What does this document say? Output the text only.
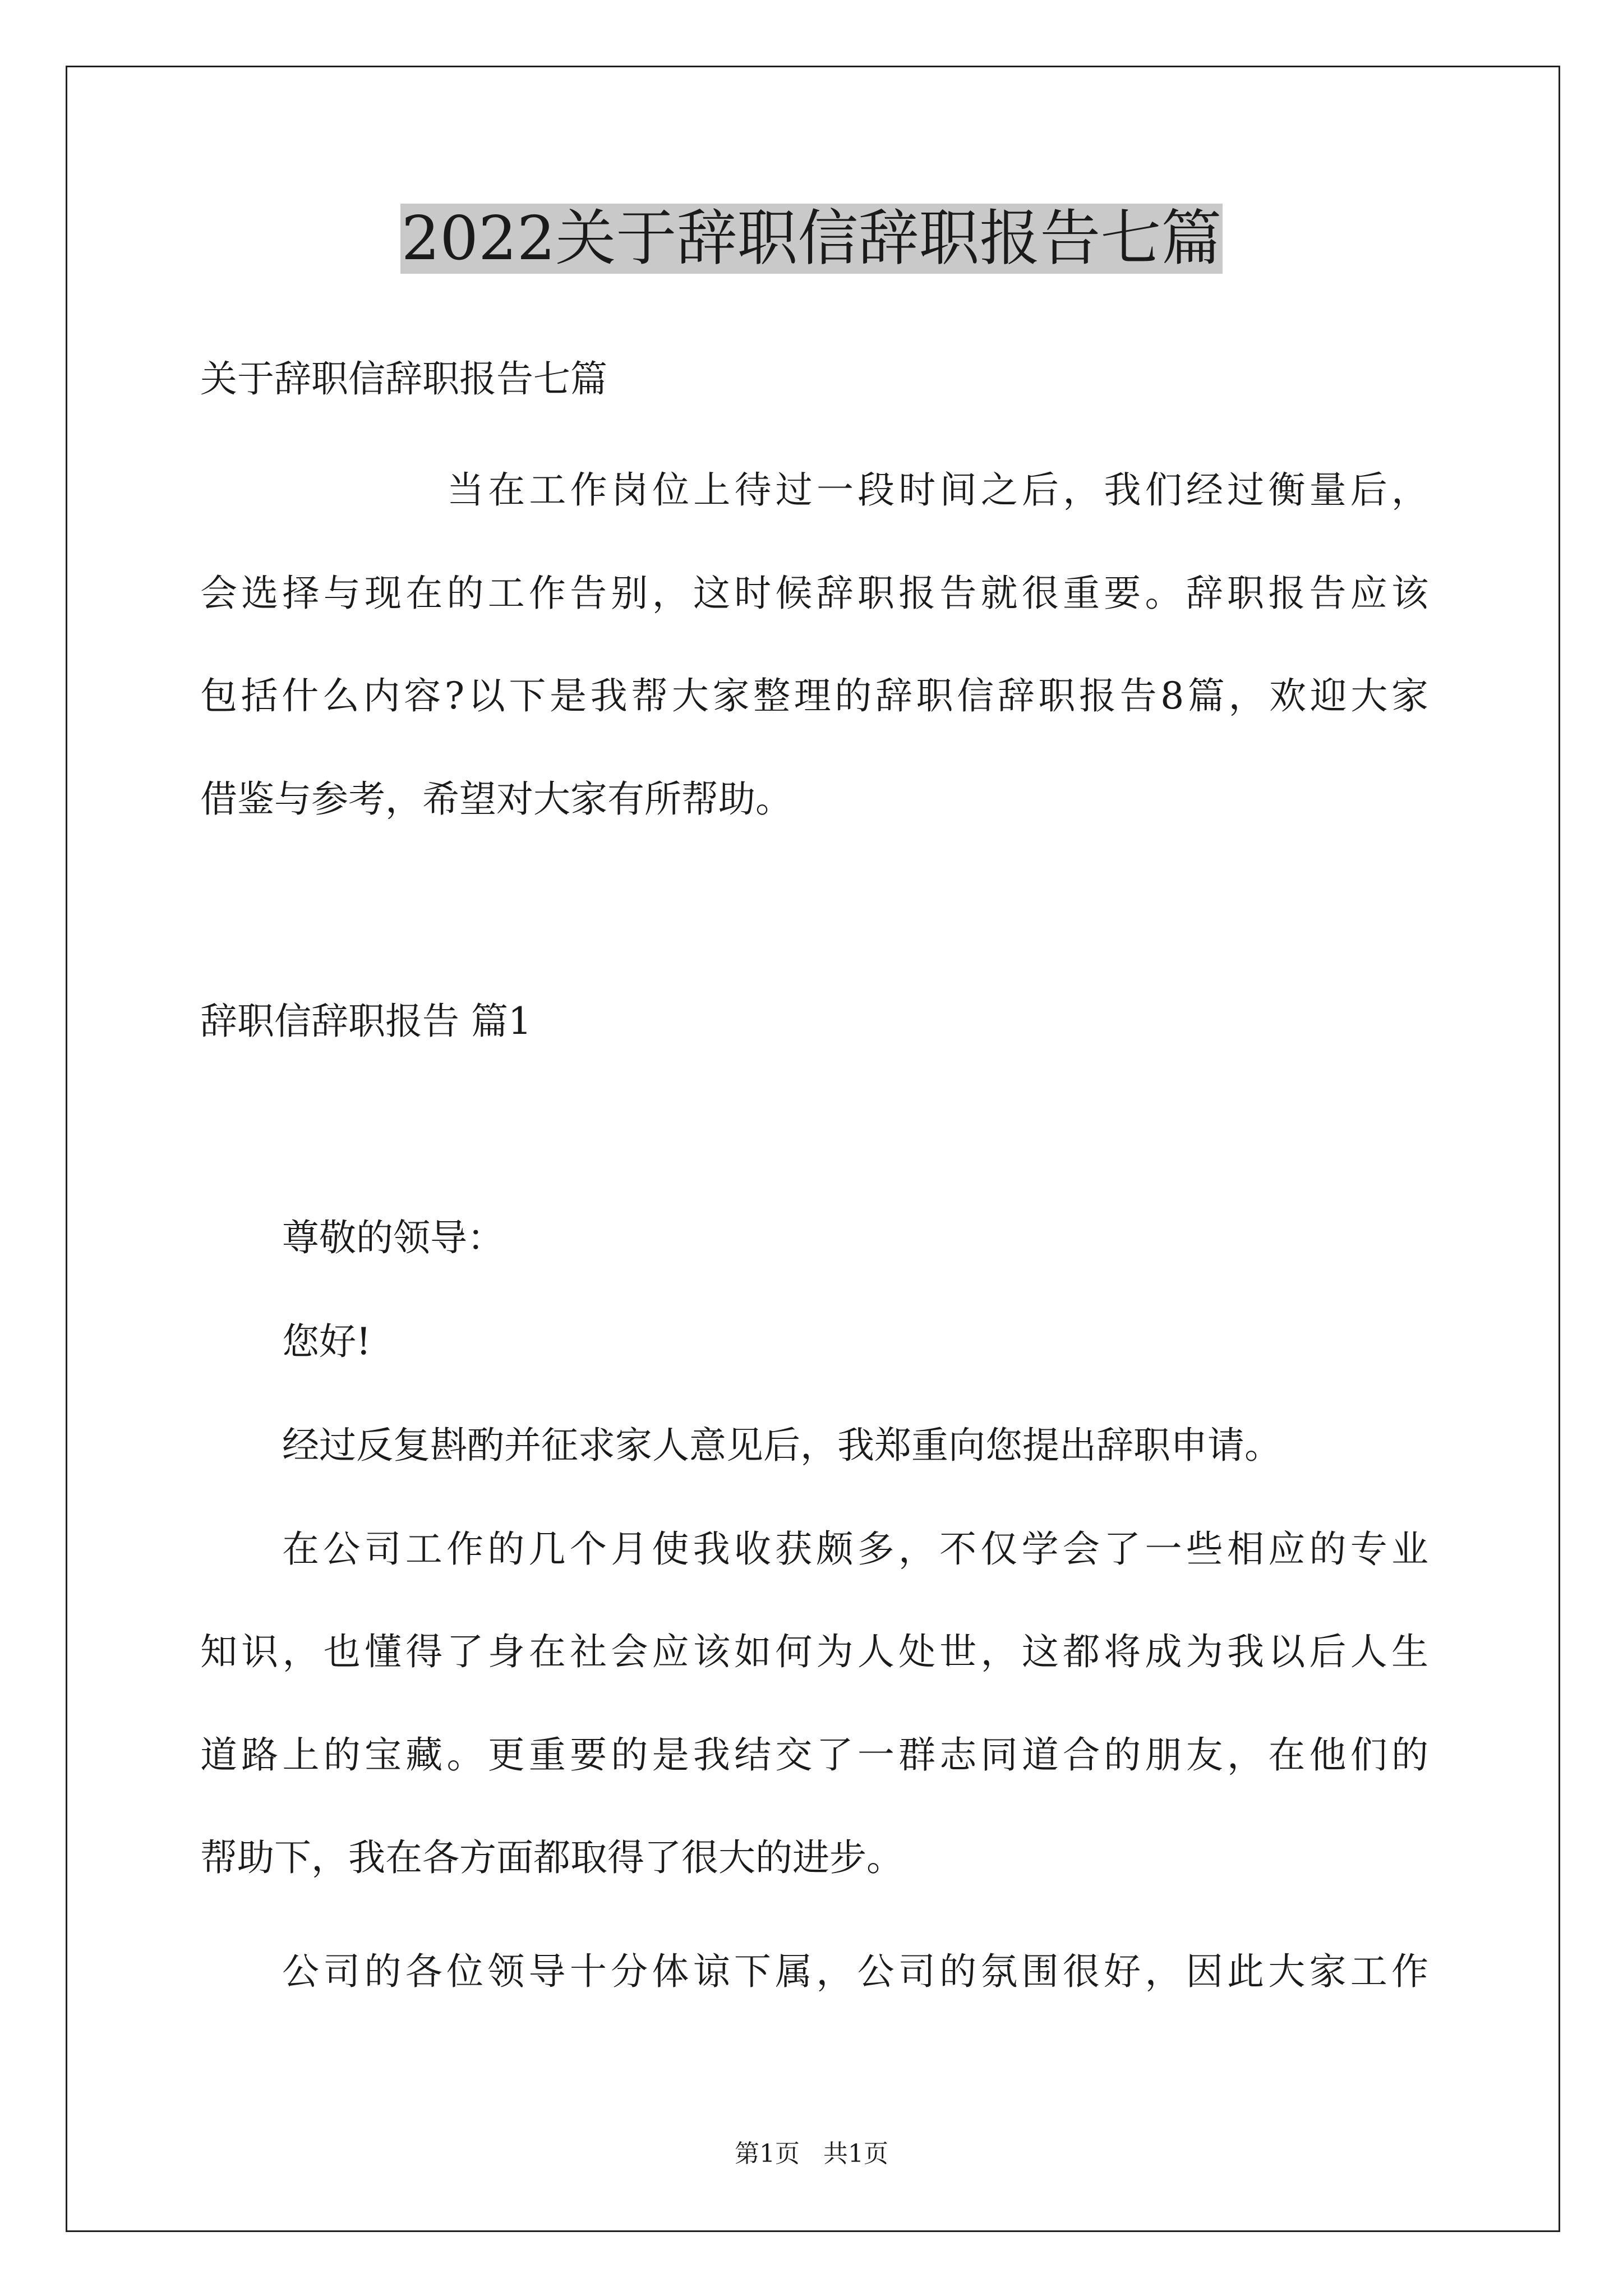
2022关于辞职信辞职报告七篇
关于辞职信辞职报告七篇
当在工作岗位上待过一段时间之后，我们经过衡量后，
会选择与现在的工作告别，这时候辞职报告就很重要。辞职报告应该
包括什么内容?以下是我帮大家整理的辞职信辞职报告8篇，欢迎大家
借鉴与参考，希望对大家有所帮助。
辞职信辞职报告 篇1
尊敬的领导：
您好!
经过反复斟酌并征求家人意见后，我郑重向您提出辞职申请。
在公司工作的几个月使我收获颇多，不仅学会了一些相应的专业
知识，也懂得了身在社会应该如何为人处世，这都将成为我以后人生
道路上的宝藏。更重要的是我结交了一群志同道合的朋友，在他们的
帮助下，我在各方面都取得了很大的进步。
公司的各位领导十分体谅下属，公司的氛围很好，因此大家工作
第1页   共1页
